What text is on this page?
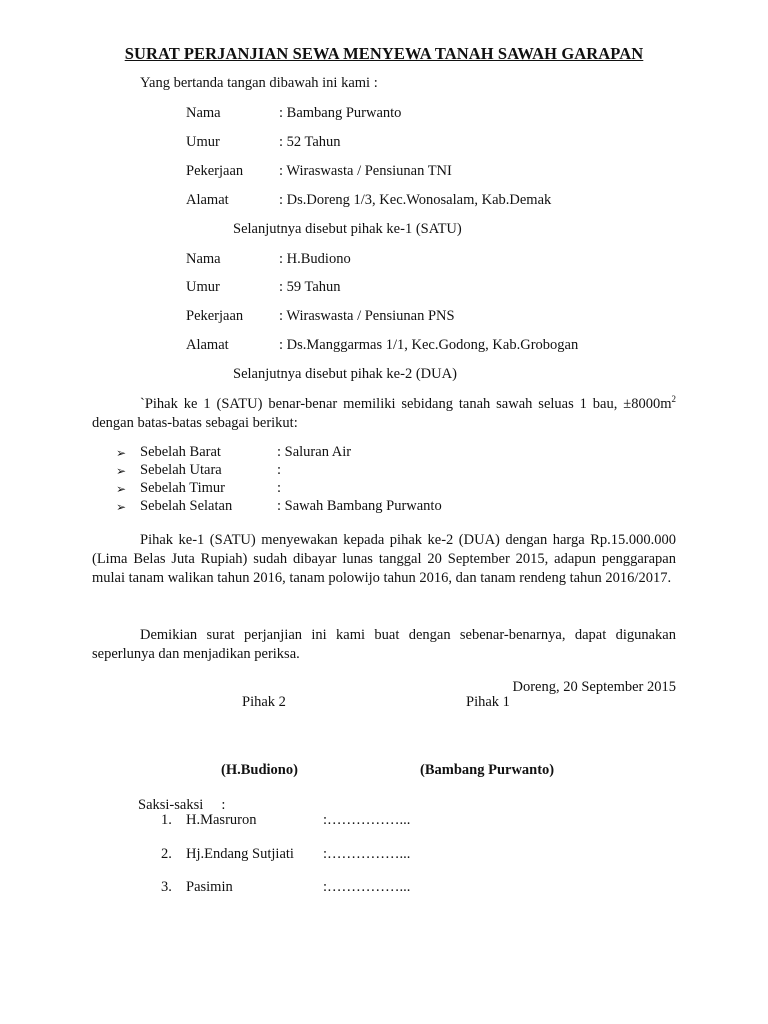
SURAT PERJANJIAN SEWA MENYEWA TANAH SAWAH GARAPAN
Yang bertanda tangan dibawah ini kami :
Nama	: Bambang Purwanto
Umur	: 52 Tahun
Pekerjaan : Wiraswasta / Pensiunan TNI
Alamat	: Ds.Doreng 1/3, Kec.Wonosalam, Kab.Demak
Selanjutnya disebut pihak ke-1 (SATU)
Nama	: H.Budiono
Umur	: 59 Tahun
Pekerjaan : Wiraswasta / Pensiunan PNS
Alamat	: Ds.Manggarmas 1/1, Kec.Godong, Kab.Grobogan
Selanjutnya disebut pihak ke-2 (DUA)
`Pihak ke 1 (SATU) benar-benar memiliki sebidang tanah sawah seluas 1 bau, $\pm 8000m^2$ dengan batas-batas sebagai berikut:
➢ Sebelah Barat	: Saluran Air
➢ Sebelah Utara	:
➢ Sebelah Timur	:
➢ Sebelah Selatan	: Sawah Bambang Purwanto
Pihak ke-1 (SATU) menyewakan kepada pihak ke-2 (DUA) dengan harga Rp.15.000.000 (Lima Belas Juta Rupiah) sudah dibayar lunas tanggal 20 September 2015, adapun penggarapan mulai tanam walikan tahun 2016, tanam polowijo tahun 2016, dan tanam rendeng tahun 2016/2017.
Demikian surat perjanjian ini kami buat dengan sebenar-benarnya, dapat digunakan seperlunya dan menjadikan periksa.
Doreng, 20 September 2015
Pihak 2	Pihak 1
(H.Budiono)	(Bambang Purwanto)
Saksi-saksi     :
1. H.Masruron	:……………...
2. Hj.Endang Sutjiati :……………...
3. Pasimin	:……………...
